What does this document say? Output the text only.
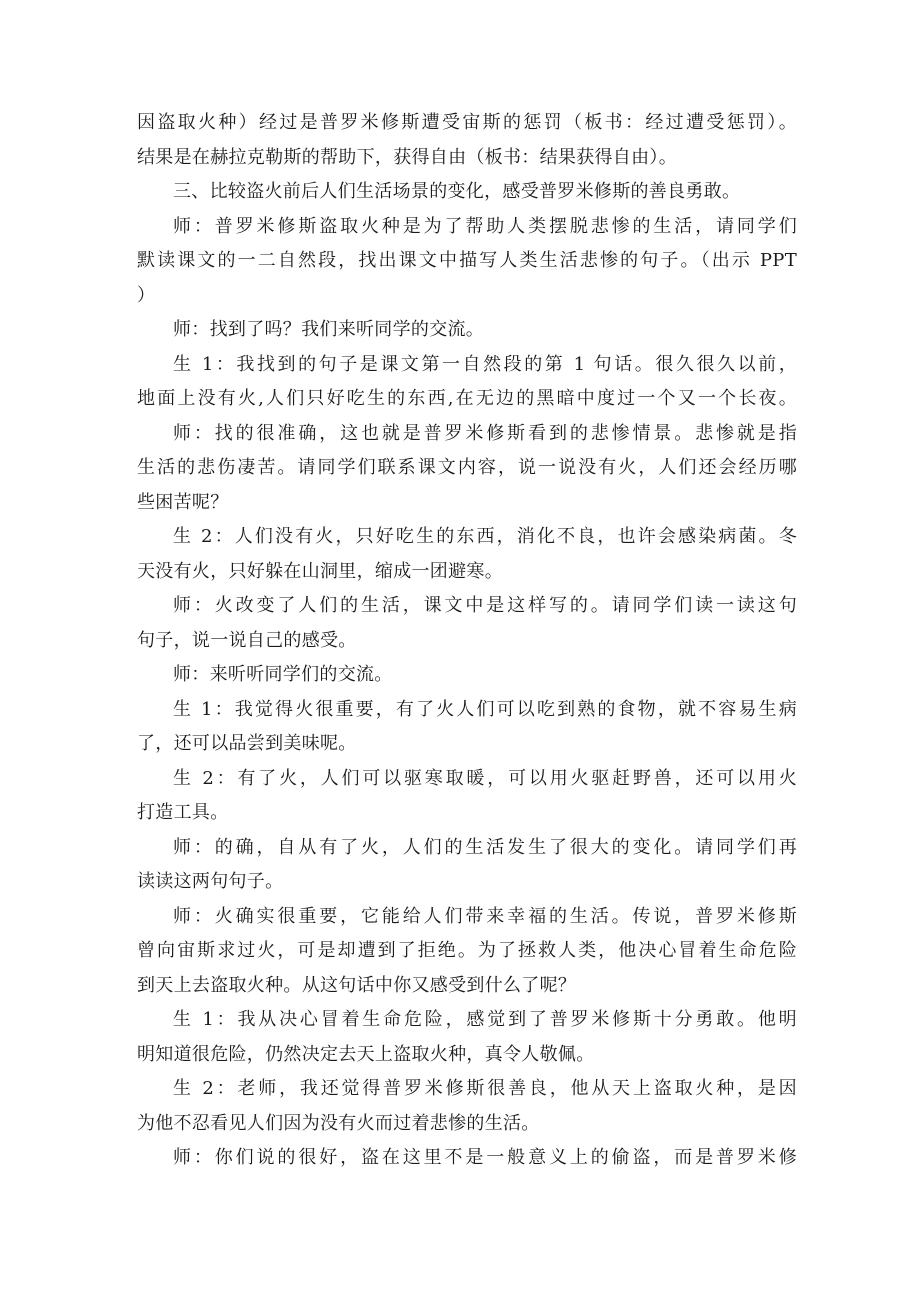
因盗取火种）经过是普罗米修斯遭受宙斯的惩罚（板书：经过遭受惩罚）。
结果是在赫拉克勒斯的帮助下，获得自由（板书：结果获得自由）。
三、比较盗火前后人们生活场景的变化，感受普罗米修斯的善良勇敢。
师：普罗米修斯盗取火种是为了帮助人类摆脱悲惨的生活，请同学们
默读课文的一二自然段，找出课文中描写人类生活悲惨的句子。（出示 PPT
）
师：找到了吗？我们来听同学的交流。
生 1：我找到的句子是课文第一自然段的第 1 句话。很久很久以前，
地面上没有火,人们只好吃生的东西,在无边的黑暗中度过一个又一个长夜。
师：找的很准确，这也就是普罗米修斯看到的悲惨情景。悲惨就是指
生活的悲伤凄苦。请同学们联系课文内容，说一说没有火，人们还会经历哪
些困苦呢？
生 2：人们没有火，只好吃生的东西，消化不良，也许会感染病菌。冬
天没有火，只好躲在山洞里，缩成一团避寒。
师：火改变了人们的生活，课文中是这样写的。请同学们读一读这句
句子，说一说自己的感受。
师：来听听同学们的交流。
生 1：我觉得火很重要，有了火人们可以吃到熟的食物，就不容易生病
了，还可以品尝到美味呢。
生 2：有了火，人们可以驱寒取暖，可以用火驱赶野兽，还可以用火
打造工具。
师：的确，自从有了火，人们的生活发生了很大的变化。请同学们再
读读这两句句子。
师：火确实很重要，它能给人们带来幸福的生活。传说，普罗米修斯
曾向宙斯求过火，可是却遭到了拒绝。为了拯救人类，他决心冒着生命危险
到天上去盗取火种。从这句话中你又感受到什么了呢？
生 1：我从决心冒着生命危险，感觉到了普罗米修斯十分勇敢。他明
明知道很危险，仍然决定去天上盗取火种，真令人敬佩。
生 2：老师，我还觉得普罗米修斯很善良，他从天上盗取火种，是因
为他不忍看见人们因为没有火而过着悲惨的生活。
师：你们说的很好，盗在这里不是一般意义上的偷盗，而是普罗米修
